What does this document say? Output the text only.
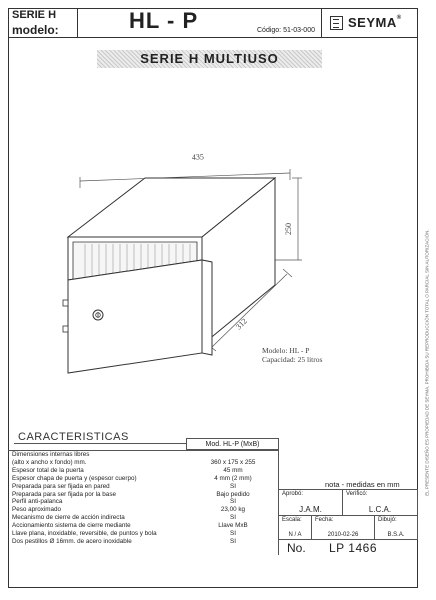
SERIE H
modelo:	HL - P	Código: 51-03-000
SEYMA®
SERIE H MULTIUSO
435
250
312
Modelo: HL - P
Capacidad: 25 litros
CARACTERISTICAS
Mod. HL-P (MxB)
Dimensiones internas libres
(alto x ancho x fondo) mm.	360 x 175 x 255
Espesor total de la puerta	45 mm
Espesor chapa de puerta y (espesor cuerpo)	4 mm (2 mm)
Preparada para ser fijada en pared	SI
Preparada para ser fijada por la base	Bajo pedido
Perfil anti-palanca	SI
Peso aproximado	23,00 kg
Mecanismo de cierre de acción indirecta	SI
Accionamiento sistema de cierre mediante	Llave MxB
Llave plana, inoxidable, reversible, de puntos y bola	SI
Dos pestillos Ø 16mm. de acero inoxidable	SI
nota - medidas en mm
Aprobó:
J.A.M.
Verificó:
L.C.A.
Escala:
N / A
Fecha:
2010-02-26
Dibujó:
B.S.A.
No. LP 1466
EL PRESENTE DISEÑO ES PROPIEDAD DE SEYMA. PROHIBIDA SU REPRODUCCIÓN TOTAL O PARCIAL SIN AUTORIZACIÓN.
